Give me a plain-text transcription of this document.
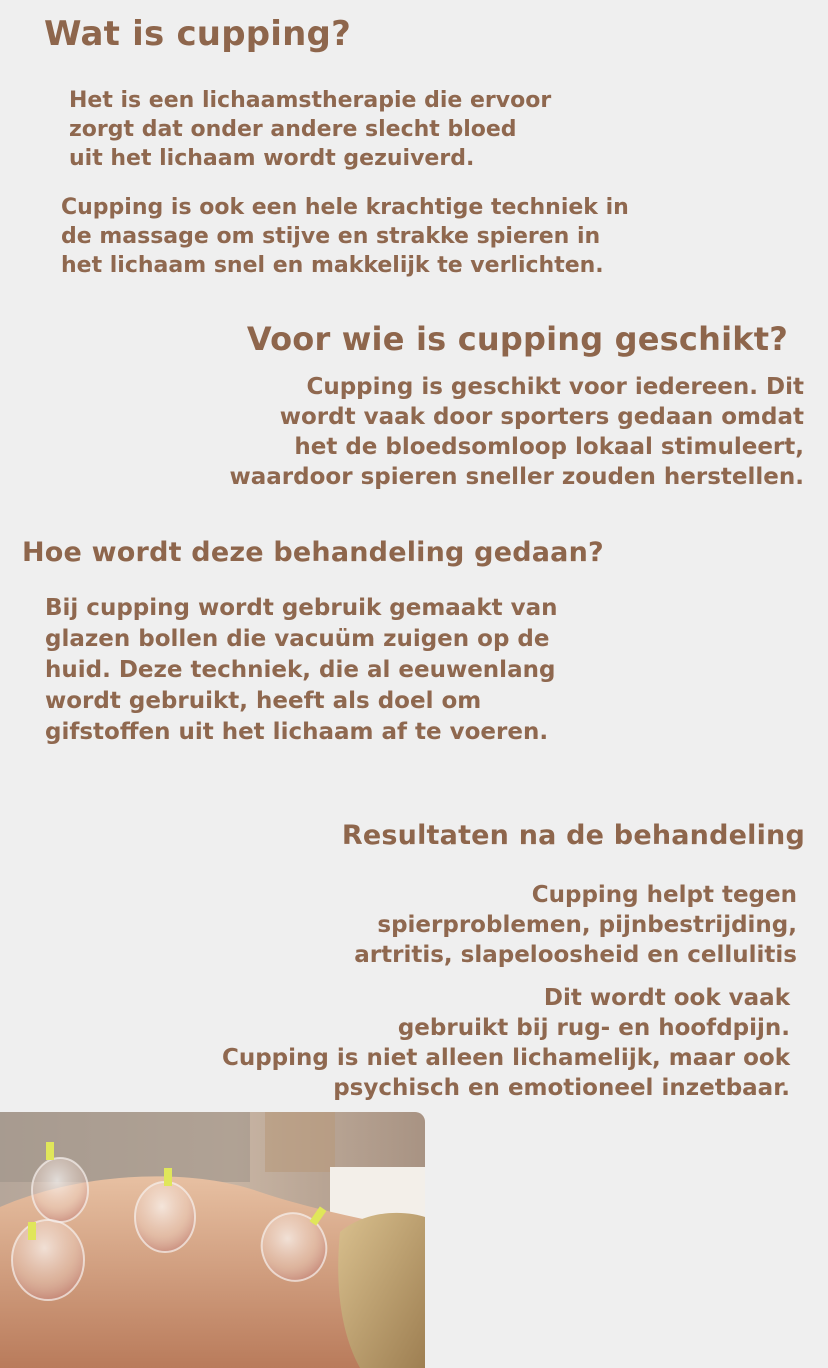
Wat is cupping?
Het is een lichaamstherapie die ervoor
zorgt dat onder andere slecht bloed
uit het lichaam wordt gezuiverd.
Cupping is ook een hele krachtige techniek in
de massage om stijve en strakke spieren in
het lichaam snel en makkelijk te verlichten.
Voor wie is cupping geschikt?
Cupping is geschikt voor iedereen. Dit
wordt vaak door sporters gedaan omdat
het de bloedsomloop lokaal stimuleert,
waardoor spieren sneller zouden herstellen.
Hoe wordt deze behandeling gedaan?
Bij cupping wordt gebruik gemaakt van
glazen bollen die vacuüm zuigen op de
huid. Deze techniek, die al eeuwenlang
wordt gebruikt, heeft als doel om
gifstoffen uit het lichaam af te voeren.
Resultaten na de behandeling
Cupping helpt tegen
spierproblemen, pijnbestrijding,
artritis, slapeloosheid en cellulitis
Dit wordt ook vaak
gebruikt bij rug- en hoofdpijn.
Cupping is niet alleen lichamelijk, maar ook
psychisch en emotioneel inzetbaar.
